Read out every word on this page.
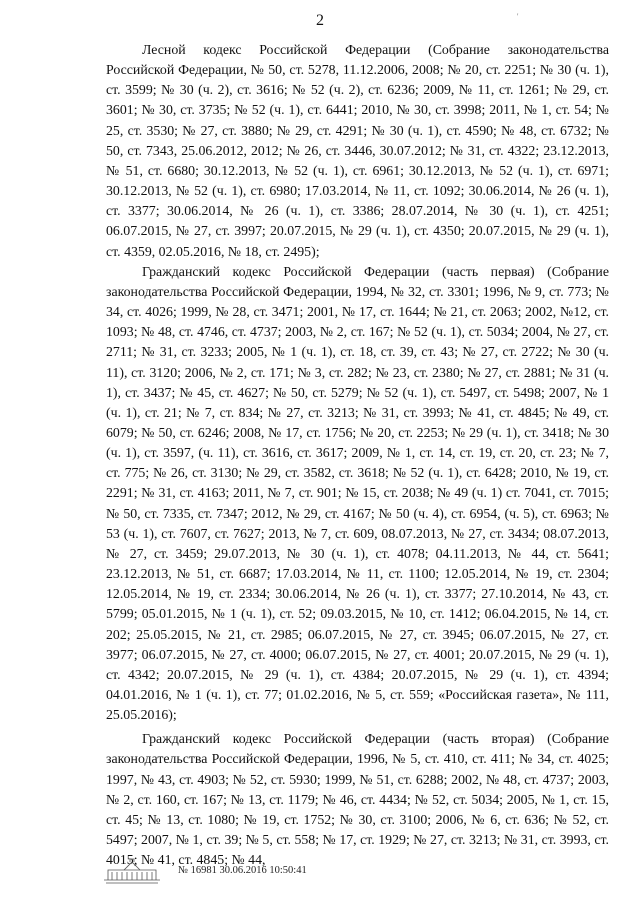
2	'

Лесной кодекс Российской Федерации (Собрание законодательства Российской Федерации, № 50, ст. 5278, 11.12.2006, 2008; № 20, ст. 2251; № 30 (ч. 1), ст. 3599; № 30 (ч. 2), ст. 3616; № 52 (ч. 2), ст. 6236; 2009, № 11, ст. 1261; № 29, ст. 3601; № 30, ст. 3735; № 52 (ч. 1), ст. 6441; 2010, № 30, ст. 3998; 2011, № 1, ст. 54; № 25, ст. 3530; № 27, ст. 3880; № 29, ст. 4291; № 30 (ч. 1), ст. 4590; № 48, ст. 6732; № 50, ст. 7343, 25.06.2012, 2012; № 26, ст. 3446, 30.07.2012; № 31, ст. 4322; 23.12.2013, № 51, ст. 6680; 30.12.2013, № 52 (ч. 1), ст. 6961; 30.12.2013, № 52 (ч. 1), ст. 6971; 30.12.2013, № 52 (ч. 1), ст. 6980; 17.03.2014, № 11, ст. 1092; 30.06.2014, № 26 (ч. 1), ст. 3377; 30.06.2014, № 26 (ч. 1), ст. 3386; 28.07.2014, № 30 (ч. 1), ст. 4251; 06.07.2015, № 27, ст. 3997; 20.07.2015, № 29 (ч. 1), ст. 4350; 20.07.2015, № 29 (ч. 1), ст. 4359, 02.05.2016, № 18, ст. 2495);

Гражданский кодекс Российской Федерации (часть первая) (Собрание законодательства Российской Федерации, 1994, № 32, ст. 3301; 1996, № 9, ст. 773; № 34, ст. 4026; 1999, № 28, ст. 3471; 2001, № 17, ст. 1644; № 21, ст. 2063; 2002, №12, ст. 1093; № 48, ст. 4746, ст. 4737; 2003, № 2, ст. 167; № 52 (ч. 1), ст. 5034; 2004, № 27, ст. 2711; № 31, ст. 3233; 2005, № 1 (ч. 1), ст. 18, ст. 39, ст. 43; № 27, ст. 2722; № 30 (ч. 11), ст. 3120; 2006, № 2, ст. 171; № 3, ст. 282; № 23, ст. 2380; № 27, ст. 2881; № 31 (ч. 1), ст. 3437; № 45, ст. 4627; № 50, ст. 5279; № 52 (ч. 1), ст. 5497, ст. 5498; 2007, № 1 (ч. 1), ст. 21; № 7, ст. 834; № 27, ст. 3213; № 31, ст. 3993; № 41, ст. 4845; № 49, ст. 6079; № 50, ст. 6246; 2008, № 17, ст. 1756; № 20, ст. 2253; № 29 (ч. 1), ст. 3418; № 30 (ч. 1), ст. 3597, (ч. 11), ст. 3616, ст. 3617; 2009, № 1, ст. 14, ст. 19, ст. 20, ст. 23; № 7, ст. 775; № 26, ст. 3130; № 29, ст. 3582, ст. 3618; № 52 (ч. 1), ст. 6428; 2010, № 19, ст. 2291; № 31, ст. 4163; 2011, № 7, ст. 901; № 15, ст. 2038; № 49 (ч. 1) ст. 7041, ст. 7015; № 50, ст. 7335, ст. 7347; 2012, № 29, ст. 4167; № 50 (ч. 4), ст. 6954, (ч. 5), ст. 6963; № 53 (ч. 1), ст. 7607, ст. 7627; 2013, № 7, ст. 609, 08.07.2013, № 27, ст. 3434; 08.07.2013, № 27, ст. 3459; 29.07.2013, № 30 (ч. 1), ст. 4078; 04.11.2013, № 44, ст. 5641; 23.12.2013, № 51, ст. 6687; 17.03.2014, № 11, ст. 1100; 12.05.2014, № 19, ст. 2304; 12.05.2014, № 19, ст. 2334; 30.06.2014, № 26 (ч. 1), ст. 3377; 27.10.2014, № 43, ст. 5799; 05.01.2015, № 1 (ч. 1), ст. 52; 09.03.2015, № 10, ст. 1412; 06.04.2015, № 14, ст. 202; 25.05.2015, № 21, ст. 2985; 06.07.2015, № 27, ст. 3945; 06.07.2015, № 27, ст. 3977; 06.07.2015, № 27, ст. 4000; 06.07.2015, № 27, ст. 4001; 20.07.2015, № 29 (ч. 1), ст. 4342; 20.07.2015, № 29 (ч. 1), ст. 4384; 20.07.2015, № 29 (ч. 1), ст. 4394; 04.01.2016, № 1 (ч. 1), ст. 77; 01.02.2016, № 5, ст. 559; «Российская газета», № 111, 25.05.2016);

Гражданский кодекс Российской Федерации (часть вторая) (Собрание законодательства Российской Федерации, 1996, № 5, ст. 410, ст. 411; № 34, ст. 4025; 1997, № 43, ст. 4903; № 52, ст. 5930; 1999, № 51, ст. 6288; 2002, № 48, ст. 4737; 2003, № 2, ст. 160, ст. 167; № 13, ст. 1179; № 46, ст. 4434; № 52, ст. 5034; 2005, № 1, ст. 15, ст. 45; № 13, ст. 1080; № 19, ст. 1752; № 30, ст. 3100; 2006, № 6, ст. 636; № 52, ст. 5497; 2007, № 1, ст. 39; № 5, ст. 558; № 17, ст. 1929; № 27, ст. 3213; № 31, ст. 3993, ст. 4015; № 41, ст. 4845; № 44,

№ 16981 30.06.2016 10:50:41
